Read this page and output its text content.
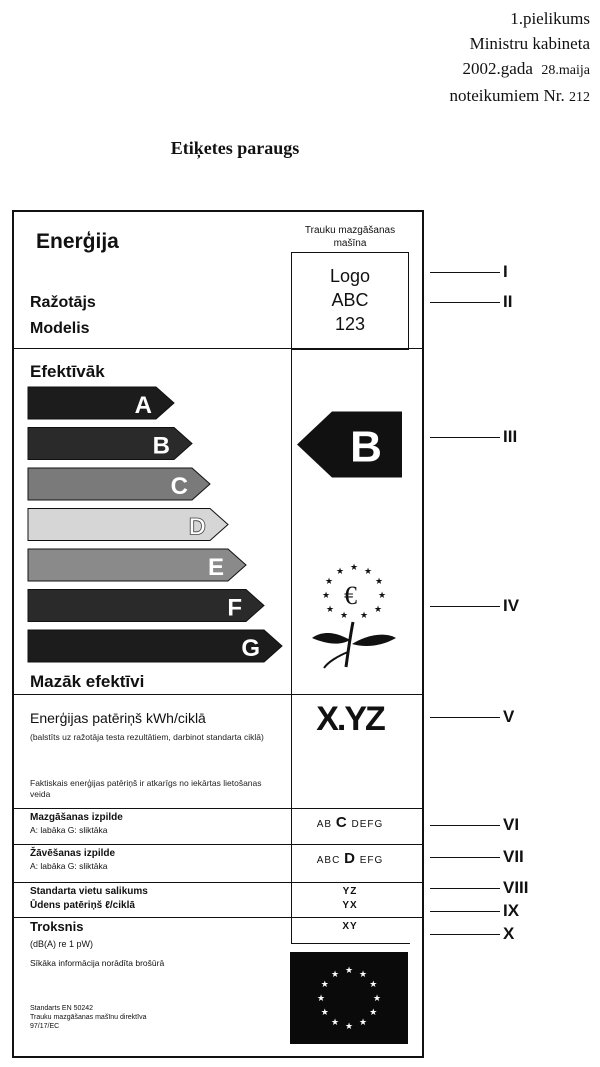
1.pielikums
Ministru kabineta
2002.gada 28.maija
noteikumiem Nr. 212
Etiķetes paraugs
Enerģija	Trauku mazgāšanas mašīna
Logo
ABC
123
Ražotājs
Modelis
Efektīvāk
A
B
C
D
E
F
G
B
Mazāk efektīvi
★ ★
★
★
★
★
★
★
★
★ ★
€
Enerģijas patēriņš kWh/ciklā
(balstīts uz ražotāja testa rezultātiem, darbinot standarta ciklā)
Faktiskais enerģijas patēriņš ir atkarīgs no iekārtas lietošanas veida
X.YZ
Mazgāšanas izpilde
A: labāka G: sliktāka	AB C DEFG
Žāvēšanas izpilde
A: labāka G: sliktāka	ABC D EFG
Standarta vietu salikums	YZ
Ūdens patēriņš ℓ/ciklā	YX
Troksnis
(dB(A) re 1 pW)
XY
Sīkāka informācija norādīta brošūrā
Standarts EN 50242
Trauku mazgāšanas mašīnu direktīva
97/17/EC
★
★
★
★
★
★
★
★
★ ★ ★
★
I
II
III
IV
V
VI
VII
VIII
IX
X
